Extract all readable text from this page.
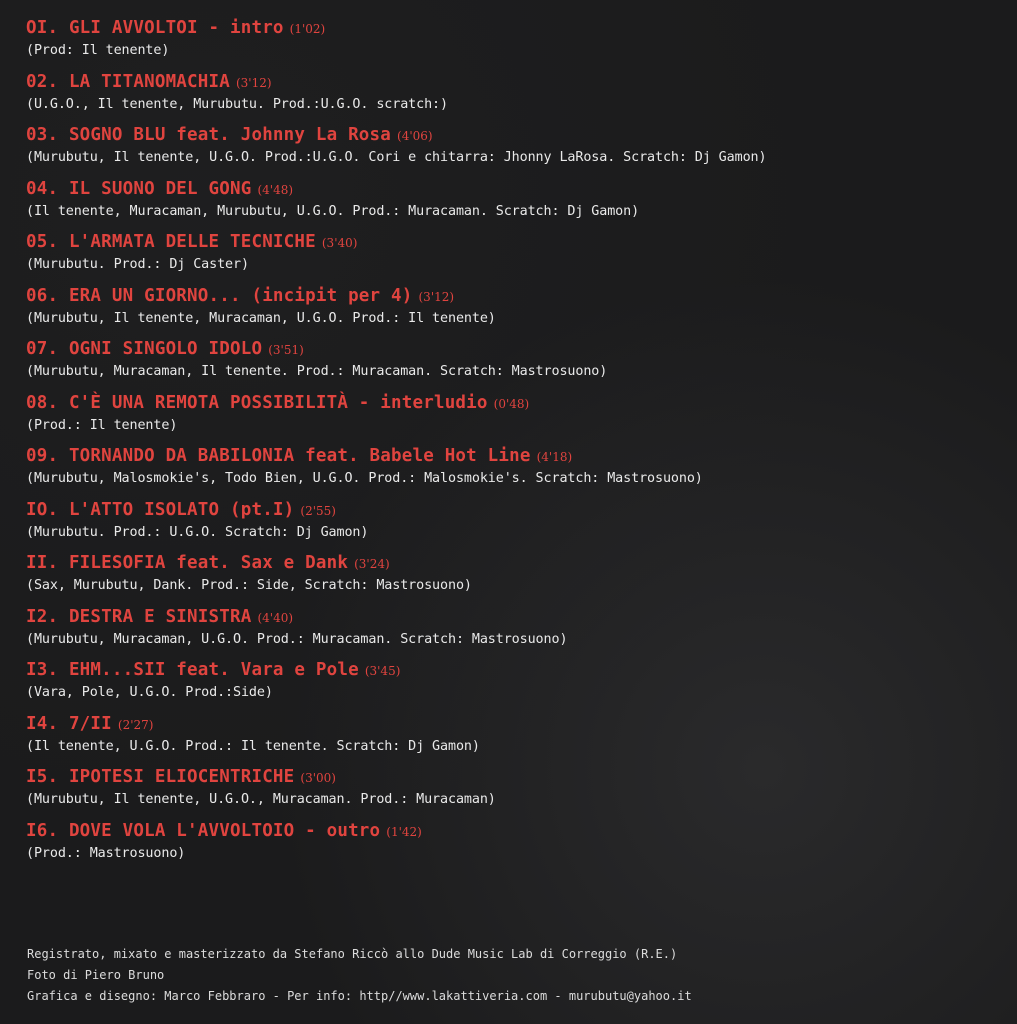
OI. GLI AVVOLTOI - intro (1'02)
(Prod: Il tenente)
02. LA TITANOMACHIA (3'12)
(U.G.O., Il tenente, Murubutu. Prod.:U.G.O. scratch:)
03. SOGNO BLU feat. Johnny La Rosa (4'06)
(Murubutu, Il tenente, U.G.O. Prod.:U.G.O. Cori e chitarra: Jhonny LaRosa. Scratch: Dj Gamon)
04. IL SUONO DEL GONG (4'48)
(Il tenente, Muracaman, Murubutu, U.G.O. Prod.: Muracaman. Scratch: Dj Gamon)
05. L'ARMATA DELLE TECNICHE (3'40)
(Murubutu. Prod.: Dj Caster)
06. ERA UN GIORNO... (incipit per 4) (3'12)
(Murubutu, Il tenente, Muracaman, U.G.O. Prod.: Il tenente)
07. OGNI SINGOLO IDOLO (3'51)
(Murubutu, Muracaman, Il tenente. Prod.: Muracaman. Scratch: Mastrosuono)
08. C'È UNA REMOTA POSSIBILITÀ - interludio (0'48)
(Prod.: Il tenente)
09. TORNANDO DA BABILONIA feat. Babele Hot Line (4'18)
(Murubutu, Malosmokie's, Todo Bien, U.G.O. Prod.: Malosmokie's. Scratch: Mastrosuono)
IO. L'ATTO ISOLATO (pt.I) (2'55)
(Murubutu. Prod.: U.G.O. Scratch: Dj Gamon)
II. FILESOFIA feat. Sax e Dank (3'24)
(Sax, Murubutu, Dank. Prod.: Side, Scratch: Mastrosuono)
I2. DESTRA E SINISTRA (4'40)
(Murubutu, Muracaman, U.G.O. Prod.: Muracaman. Scratch: Mastrosuono)
I3. EHM...SII feat. Vara e Pole (3'45)
(Vara, Pole, U.G.O. Prod.:Side)
I4. 7/II (2'27)
(Il tenente, U.G.O. Prod.: Il tenente. Scratch: Dj Gamon)
I5. IPOTESI ELIOCENTRICHE (3'00)
(Murubutu, Il tenente, U.G.O., Muracaman. Prod.: Muracaman)
I6. DOVE VOLA L'AVVOLTOIO - outro (1'42)
(Prod.: Mastrosuono)
Registrato, mixato e masterizzato da Stefano Riccò allo Dude Music Lab di Correggio (R.E.)
Foto di Piero Bruno
Grafica e disegno: Marco Febbraro - Per info: http//www.lakattiveria.com - murubutu@yahoo.it
